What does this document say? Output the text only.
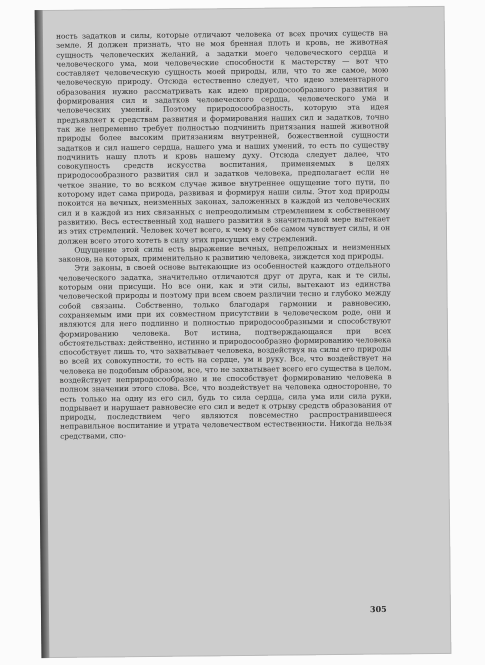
ность задатков и силы, которые отличают человека от всех прочих существ на земле. Я должен признать, что не моя бренная плоть и кровь, не животная сущность человеческих желаний, а задатки моего человеческого сердца и человеческого ума, мои человеческие способности к мастерству — вот что составляет человеческую сущность моей природы, или, что то же самое, мою человеческую природу. Отсюда естественно следует, что идею элементарного образования нужно рассматривать как идею природосообразного развития и формирования сил и задатков человеческого сердца, человеческого ума и человеческих умений. Поэтому природосообразность, которую эта идея предъявляет к средствам развития и формирования наших сил и задатков, точно так же непременно требует полностью подчинить притязания нашей животной природы более высоким притязаниям внутренней, божественной сущности задатков и сил нашего сердца, нашего ума и наших умений, то есть по существу подчинить нашу плоть и кровь нашему духу. Отсюда следует далее, что совокупность средств искусства воспитания, применяемых в целях природосообразного развития сил и задатков человека, предполагает если не четкое знание, то во всяком случае живое внутреннее ощущение того пути, по которому идет сама природа, развивая и формируя наши силы. Этот ход природы покоится на вечных, неизменных законах, заложенных в каждой из человеческих сил и в каждой из них связанных с непреодолимым стремлением к собственному развитию. Весь естественный ход нашего развития в значительной мере вытекает из этих стремлений. Человек хочет всего, к чему в себе самом чувствует силы, и он должен всего этого хотеть в силу этих присущих ему стремлений.

Ощущение этой силы есть выражение вечных, непреложных и неизменных законов, на которых, применительно к развитию человека, зиждется ход природы.

Эти законы, в своей основе вытекающие из особенностей каждого отдельного человеческого задатка, значительно отличаются друг от друга, как и те силы, которым они присущи. Но все они, как и эти силы, вытекают из единства человеческой природы и поэтому при всем своем различии тесно и глубоко между собой связаны. Собственно, только благодаря гармонии и равновесию, сохраняемым ими при их совместном присутствии в человеческом роде, они и являются для него подлинно и полностью природосообразными и способствуют формированию человека. Вот истина, подтверждающаяся при всех обстоятельствах: действенно, истинно и природосообразно формированию человека способствует лишь то, что захватывает человека, воздействуя на силы его природы во всей их совокупности, то есть на сердце, ум и руку. Все, что воздействует на человека не подобным образом, все, что не захватывает всего его существа в целом, воздействует неприродосообразно и не способствует формированию человека в полном значении этого слова. Все, что воздействует на человека односторонне, то есть только на одну из его сил, будь то сила сердца, сила ума или сила руки, подрывает и нарушает равновесие его сил и ведет к отрыву средств образования от природы, последствием чего являются повсеместно распространившееся неправильное воспитание и утрата человечеством естественности. Никогда нельзя средствами, спо-

305
